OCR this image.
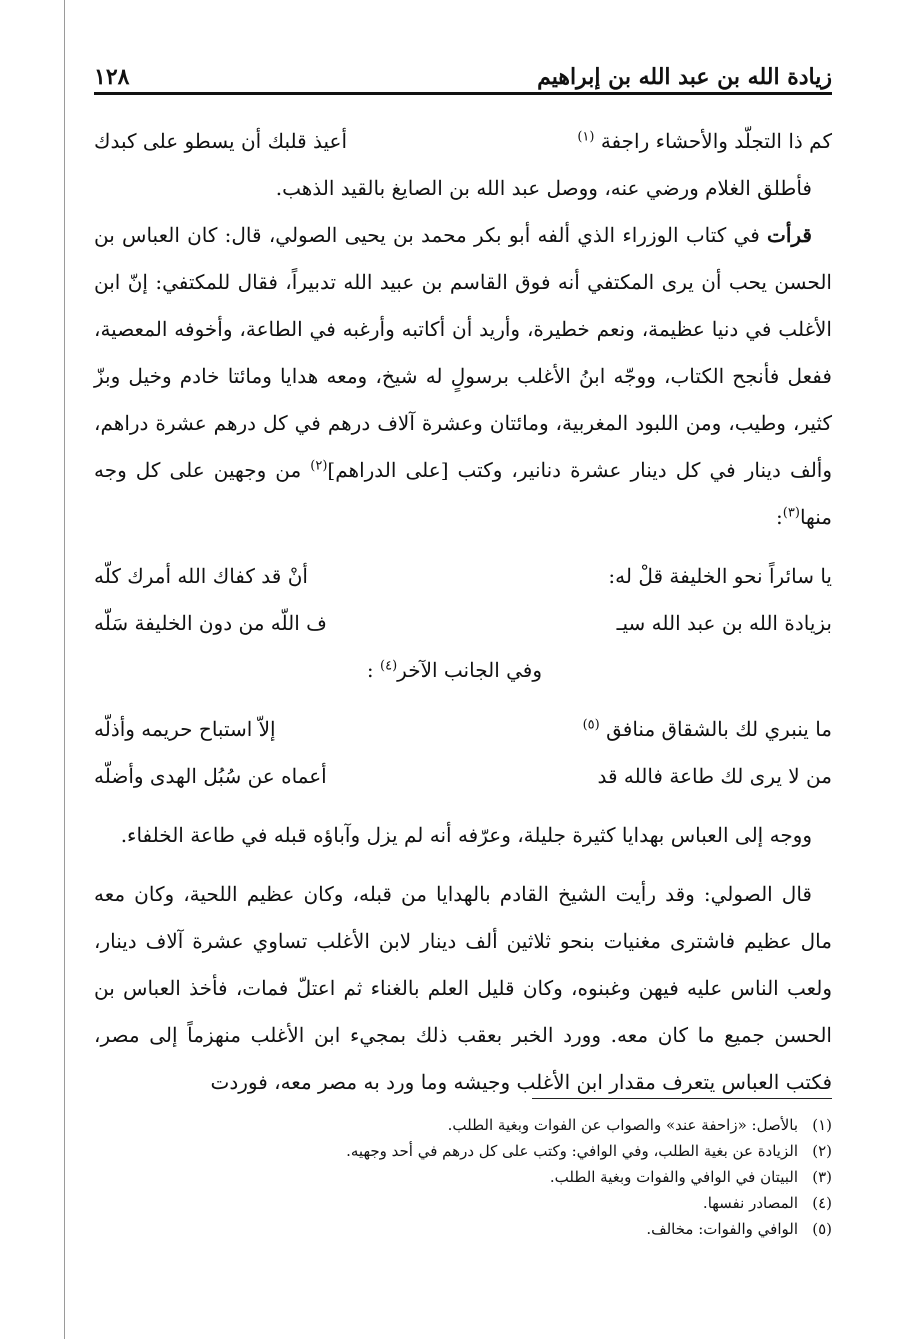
زيادة الله بن عبد الله بن إبراهيم
١٢٨
كم ذا التجلّد والأحشاء راجفة $^{(١)}$
أعيذ قلبك أن يسطو على كبدك

فأطلق الغلام ورضي عنه، ووصل عبد الله بن الصايغ بالقيد الذهب.

قرأت في كتاب الوزراء الذي ألفه أبو بكر محمد بن يحيى الصولي، قال: كان العباس بن الحسن يحب أن يرى المكتفي أنه فوق القاسم بن عبيد الله تدبيراً، فقال للمكتفي: إنّ ابن الأغلب في دنيا عظيمة، ونعم خطيرة، وأريد أن أكاتبه وأرغبه في الطاعة، وأخوفه المعصية، ففعل فأنجح الكتاب، ووجّه ابنُ الأغلب برسولٍ له شيخ، ومعه هدايا ومائتا خادم وخيل وبزّ كثير، وطيب، ومن اللبود المغربية، ومائتان وعشرة آلاف درهم في كل درهم عشرة دراهم، وألف دينار في كل دينار عشرة دنانير، وكتب [على الدراهم]$^{(٢)}$ من وجهين على كل وجه منها$^{(٣)}$:

يا سائراً نحو الخليفة قلْ له:
أنْ قد كفاك الله أمرك كلّه
بزيادة الله بن عبد الله سيـ
ف اللّه من دون الخليفة سَلّه
وفي الجانب الآخر$^{(٤)}$ :
ما ينبري لك بالشقاق منافق $^{(٥)}$
إلاّ استباح حريمه وأذلّه
من لا يرى لك طاعة فالله قد
أعماه عن سُبُل الهدى وأضلّه

ووجه إلى العباس بهدايا كثيرة جليلة، وعرّفه أنه لم يزل وآباؤه قبله في طاعة الخلفاء.

قال الصولي: وقد رأيت الشيخ القادم بالهدايا من قبله، وكان عظيم اللحية، وكان معه مال عظيم فاشترى مغنيات بنحو ثلاثين ألف دينار لابن الأغلب تساوي عشرة آلاف دينار، ولعب الناس عليه فيهن وغبنوه، وكان قليل العلم بالغناء ثم اعتلّ فمات، فأخذ العباس بن الحسن جميع ما كان معه. وورد الخبر بعقب ذلك بمجيء ابن الأغلب منهزماً إلى مصر، فكتب العباس يتعرف مقدار ابن الأغلب وجيشه وما ورد به مصر معه، فوردت

(١)بالأصل: «زاحفة عند» والصواب عن الفوات وبغية الطلب.
(٢)الزيادة عن بغية الطلب، وفي الوافي: وكتب على كل درهم في أحد وجهيه.
(٣)البيتان في الوافي والفوات وبغية الطلب.
(٤)المصادر نفسها.
(٥)الوافي والفوات: مخالف.
